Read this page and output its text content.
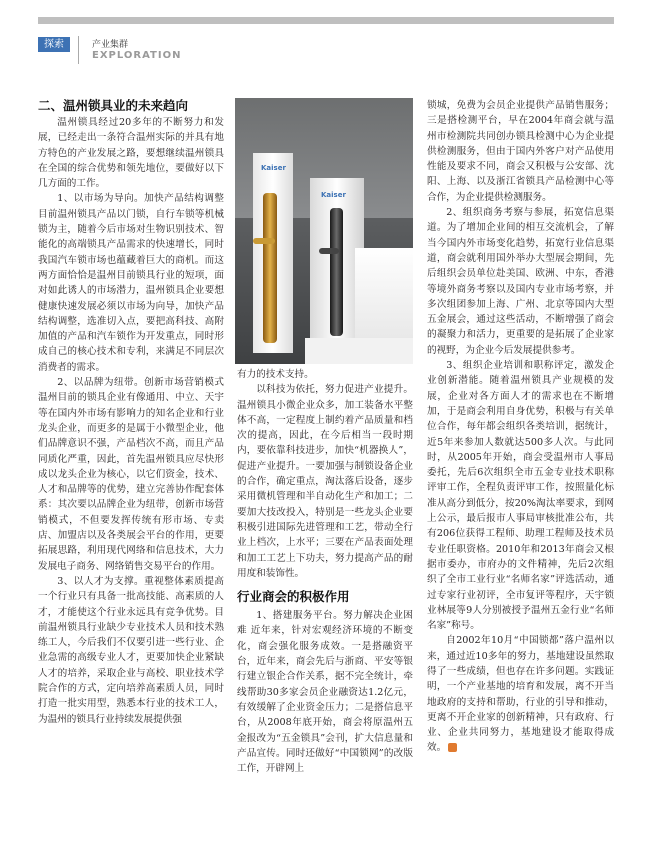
探索	产业集群
EXPLORATION
二、温州锁具业的未来趋向

温州锁具经过20多年的不断努力和发展，已经走出一条符合温州实际的并具有地方特色的产业发展之路，要想继续温州锁具在全国的综合优势和领先地位，要做好以下几方面的工作。

1、以市场为导向。加快产品结构调整 目前温州锁具产品以门锁，自行车锁等机械锁为主，随着今后市场对生物识别技术、智能化的高端锁具产品需求的快速增长，同时我国汽车锁市场也蕴藏着巨大的商机。而这两方面恰恰是温州目前锁具行业的短项，面对如此诱人的市场潜力，温州锁具企业要想健康快速发展必须以市场为向导，加快产品结构调整，选准切入点，要把高科技、高附加值的产品和汽车锁作为开发重点，同时形成自己的核心技术和专利，来满足不同层次消费者的需求。

2、以品牌为纽带。创新市场营销模式 温州目前的锁具企业有像通用、中立、天宇等在国内外市场有影响力的知名企业和行业龙头企业，而更多的是属于小微型企业，他们品牌意识不强，产品档次不高，而且产品同质化严重，因此，首先温州锁具应尽快形成以龙头企业为核心，以它们资金，技术、人才和品牌等的优势，建立完善协作配套体系：其次要以品牌企业为纽带，创新市场营销模式，不但要发挥传统有形市场、专卖店、加盟店以及各类展会平台的作用，更要拓展思路，利用现代网络和信息技术，大力发展电子商务、网络销售交易平台的作用。

3、以人才为支撑。重视整体素质提高 一个行业只有具备一批高技能、高素质的人才，才能使这个行业永远具有竞争优势。目前温州锁具行业缺少专业技术人员和技术熟练工人，今后我们不仅要引进一些行业、企业急需的高级专业人才，更要加快企业紧缺人才的培养，采取企业与高校、职业技术学院合作的方式，定向培养高素质人员，同时打造一批实用型，熟悉本行业的技术工人，为温州的锁具行业持续发展提供强

Kaiser
Kaiser

有力的技术支持。

以科技为依托，努力促进产业提升。温州锁具小微企业众多，加工装备水平整体不高，一定程度上制约着产品质量和档次的提高，因此，在今后相当一段时期内，要依靠科技进步，加快“机器换人”，促进产业提升。一要加强与制锁设备企业的合作，确定重点，淘汰落后设备，逐步采用微机管理和半自动化生产和加工；二要加大技改投入，特别是一些龙头企业要积极引进国际先进管理和工艺，带动全行业上档次，上水平；三要在产品表面处理和加工工艺上下功夫，努力提高产品的耐用度和装饰性。

行业商会的积极作用

1、搭建服务平台。努力解决企业困难 近年来，针对宏观经济环境的不断变化，商会强化服务成效。一是搭融资平台，近年来，商会先后与浙商、平安等银行建立银企合作关系，据不完全统计，牵线帮助30多家会员企业融资达1.2亿元，有效缓解了企业资金压力；二是搭信息平台，从2008年底开始，商会将原温州五金报改为“五金锁具”会刊，扩大信息量和产品宣传。同时还做好“中国锁网”的改版工作，开辟网上

锁城，免费为会员企业提供产品销售服务；三是搭检测平台，早在2004年商会就与温州市检测院共同创办锁具检测中心为企业提供检测服务，但由于国内外客户对产品使用性能及要求不同，商会又积极与公安部、沈阳、上海、以及浙江省锁具产品检测中心等合作，为企业提供检测服务。

2、组织商务考察与参展，拓宽信息渠道。为了增加企业间的相互交流机会，了解当今国内外市场变化趋势，拓宽行业信息渠道，商会就利用国外举办大型展会期间，先后组织会员单位赴美国、欧洲、中东，香港等境外商务考察以及国内专业市场考察，并多次组团参加上海、广州、北京等国内大型五金展会，通过这些活动，不断增强了商会的凝聚力和活力，更重要的是拓展了企业家的视野，为企业今后发展提供参考。

3、组织企业培训和职称评定，激发企业创新潜能。随着温州锁具产业规模的发展，企业对各方面人才的需求也在不断增加，于是商会利用自身优势，积极与有关单位合作，每年都会组织各类培训，据统计，近5年来参加人数就达500多人次。与此同时，从2005年开始，商会受温州市人事局委托，先后6次组织全市五金专业技术职称评审工作，全程负责评审工作，按照量化标准从高分到低分，按20%淘汰率要求，到网上公示，最后报市人事局审核批准公布，共有206位获得工程师、助理工程师及技术员专业任职资格。2010年和2013年商会又根据市委办，市府办的文件精神，先后2次组织了全市工业行业“名师名家”评选活动，通过专家行业初评，全市复评等程序，天宇锁业林展等9人分别被授予温州五金行业“名师名家”称号。

自2002年10月“中国锁都”落户温州以来，通过近10多年的努力，基地建设虽然取得了一些成绩，但也存在许多问题。实践证明，一个产业基地的培育和发展，离不开当地政府的支持和帮助，行业的引导和推动，更离不开企业家的创新精神，只有政府、行业、企业共同努力，基地建设才能取得成效。
